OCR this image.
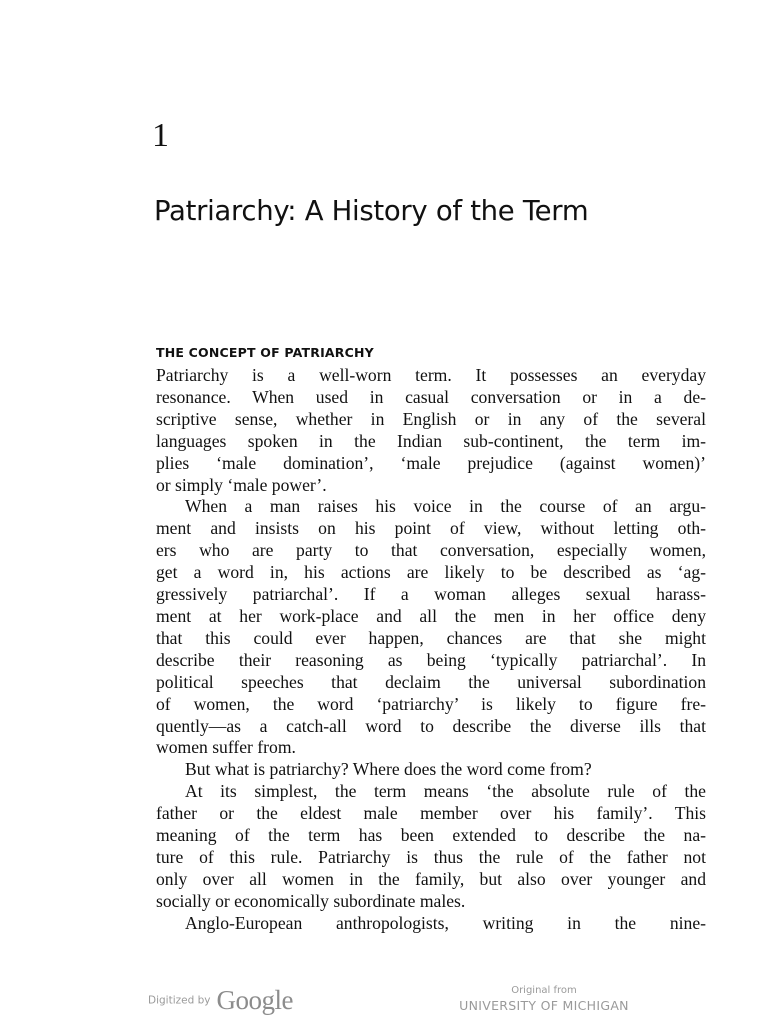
1
Patriarchy: A History of the Term
THE CONCEPT OF PATRIARCHY
Patriarchy is a well-worn term. It possesses an everyday
resonance. When used in casual conversation or in a de-
scriptive sense, whether in English or in any of the several
languages spoken in the Indian sub-continent, the term im-
plies ‘male domination’, ‘male prejudice (against women)’
or simply ‘male power’.
When a man raises his voice in the course of an argu-
ment and insists on his point of view, without letting oth-
ers who are party to that conversation, especially women,
get a word in, his actions are likely to be described as ‘ag-
gressively patriarchal’. If a woman alleges sexual harass-
ment at her work-place and all the men in her office deny
that this could ever happen, chances are that she might
describe their reasoning as being ‘typically patriarchal’. In
political speeches that declaim the universal subordination
of women, the word ‘patriarchy’ is likely to figure fre-
quently—as a catch-all word to describe the diverse ills that
women suffer from.
But what is patriarchy? Where does the word come from?
At its simplest, the term means ‘the absolute rule of the
father or the eldest male member over his family’. This
meaning of the term has been extended to describe the na-
ture of this rule. Patriarchy is thus the rule of the father not
only over all women in the family, but also over younger and
socially or economically subordinate males.
Anglo-European anthropologists, writing in the nine-
Digitized by Google	Original from
UNIVERSITY OF MICHIGAN
